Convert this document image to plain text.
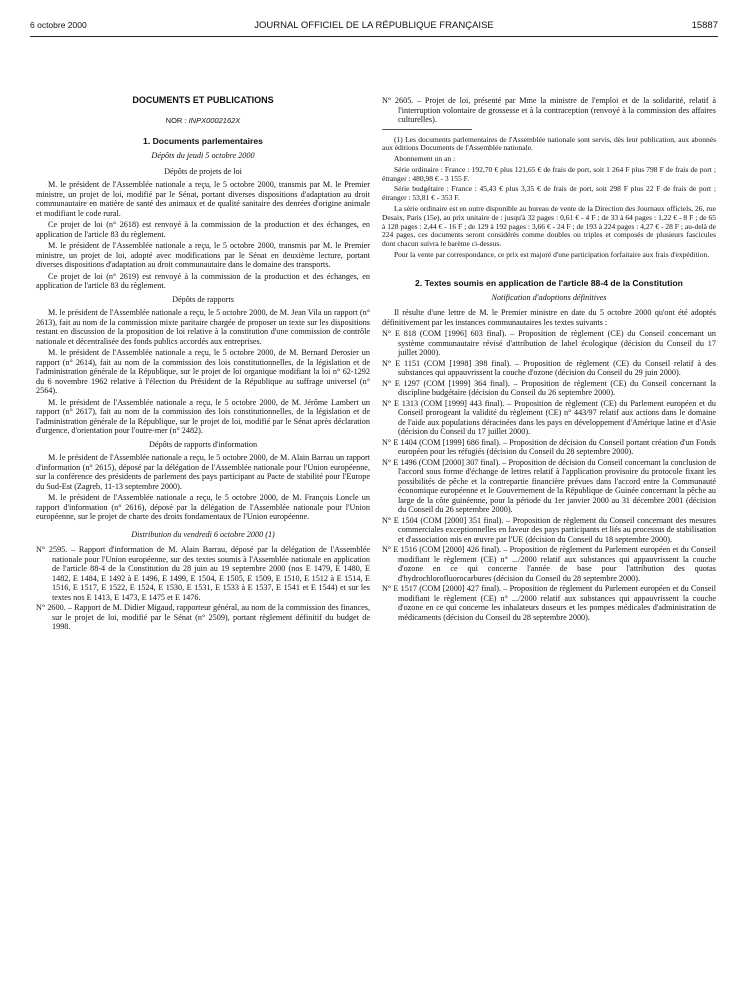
6 octobre 2000	JOURNAL OFFICIEL DE LA RÉPUBLIQUE FRANÇAISE	15887
DOCUMENTS ET PUBLICATIONS
NOR : INPX0002162X
1. Documents parlementaires
Dépôts du jeudi 5 octobre 2000
Dépôts de projets de loi

M. le président de l'Assemblée nationale a reçu, le 5 octobre 2000, transmis par M. le Premier ministre, un projet de loi, modifié par le Sénat, portant diverses dispositions d'adaptation au droit communautaire en matière de santé des animaux et de qualité sanitaire des denrées d'origine animale et modifiant le code rural.

Ce projet de loi (n° 2618) est renvoyé à la commission de la production et des échanges, en application de l'article 83 du règlement.

M. le président de l'Assemblée nationale a reçu, le 5 octobre 2000, transmis par M. le Premier ministre, un projet de loi, adopté avec modifications par le Sénat en deuxième lecture, portant diverses dispositions d'adaptation au droit communautaire dans le domaine des transports.

Ce projet de loi (n° 2619) est renvoyé à la commission de la production et des échanges, en application de l'article 83 du règlement.

Dépôts de rapports

M. le président de l'Assemblée nationale a reçu, le 5 octobre 2000, de M. Jean Vila un rapport (n° 2613), fait au nom de la commission mixte paritaire chargée de proposer un texte sur les dispositions restant en discussion de la proposition de loi relative à la constitution d'une commission de contrôle nationale et décentralisée des fonds publics accordés aux entreprises.

M. le président de l'Assemblée nationale a reçu, le 5 octobre 2000, de M. Bernard Derosier un rapport (n° 2614), fait au nom de la commission des lois constitutionnelles, de la législation et de l'administration générale de la République, sur le projet de loi organique modifiant la loi n° 62-1292 du 6 novembre 1962 relative à l'élection du Président de la République au suffrage universel (n° 2564).

M. le président de l'Assemblée nationale a reçu, le 5 octobre 2000, de M. Jérôme Lambert un rapport (n° 2617), fait au nom de la commission des lois constitutionnelles, de la législation et de l'administration générale de la République, sur le projet de loi, modifié par le Sénat après déclaration d'urgence, d'orientation pour l'outre-mer (n° 2482).

Dépôts de rapports d'information

M. le président de l'Assemblée nationale a reçu, le 5 octobre 2000, de M. Alain Barrau un rapport d'information (n° 2615), déposé par la délégation de l'Assemblée nationale pour l'Union européenne, sur la conférence des présidents de parlement des pays participant au Pacte de stabilité pour l'Europe du Sud-Est (Zagreb, 11-13 septembre 2000).

M. le président de l'Assemblée nationale a reçu, le 5 octobre 2000, de M. François Loncle un rapport d'information (n° 2616), déposé par la délégation de l'Assemblée nationale pour l'Union européenne, sur le projet de charte des droits fondamentaux de l'Union européenne.

Distribution du vendredi 6 octobre 2000 (1)

N° 2595. – Rapport d'information de M. Alain Barrau, déposé par la délégation de l'Assemblée nationale pour l'Union européenne, sur des textes soumis à l'Assemblée nationale en application de l'article 88-4 de la Constitution du 28 juin au 19 septembre 2000 (nos E 1479, E 1480, E 1482, E 1484, E 1492 à E 1496, E 1499, E 1504, E 1505, E 1509, E 1510, E 1512 à E 1514, E 1516, E 1517, E 1522, E 1524, E 1530, E 1531, E 1533 à E 1537, E 1541 et E 1544) et sur les textes nos E 1413, E 1473, E 1475 et E 1476.

N° 2600. – Rapport de M. Didier Migaud, rapporteur général, au nom de la commission des finances, sur le projet de loi, modifié par le Sénat (n° 2509), portant règlement définitif du budget de 1998.

N° 2605. – Projet de loi, présenté par Mme la ministre de l'emploi et de la solidarité, relatif à l'interruption volontaire de grossesse et à la contraception (renvoyé à la commission des affaires culturelles).

(1) Les documents parlementaires de l'Assemblée nationale sont servis, dès leur publication, aux abonnés aux éditions Documents de l'Assemblée nationale.

Abonnement un an :

Série ordinaire : France : 192,70 € plus 121,65 € de frais de port, soit 1 264 F plus 798 F de frais de port ; étranger : 480,98 € - 3 155 F.

Série budgétaire : France : 45,43 € plus 3,35 € de frais de port, soit 298 F plus 22 F de frais de port ; étranger : 53,81 € - 353 F.

La série ordinaire est en outre disponible au bureau de vente de la Direction des Journaux officiels, 26, rue Desaix, Paris (15e), au prix unitaire de : jusqu'à 32 pages : 0,61 € - 4 F ; de 33 à 64 pages : 1,22 € - 8 F ; de 65 à 128 pages : 2,44 € - 16 F ; de 129 à 192 pages : 3,66 € - 24 F ; de 193 à 224 pages : 4,27 € - 28 F ; au-delà de 224 pages, ces documents seront considérés comme doubles ou triples et composés de plusieurs fascicules dont chacun suivra le barème ci-dessus.

Pour la vente par correspondance, ce prix est majoré d'une participation forfaitaire aux frais d'expédition.

2. Textes soumis en application de l'article 88-4 de la Constitution
Notification d'adoptions définitives

Il résulte d'une lettre de M. le Premier ministre en date du 5 octobre 2000 qu'ont été adoptés définitivement par les instances communautaires les textes suivants :

N° E 818 (COM [1996] 603 final). – Proposition de règlement (CE) du Conseil concernant un système communautaire révisé d'attribution de label écologique (décision du Conseil du 17 juillet 2000).

N° E 1151 (COM [1998] 398 final). – Proposition de règlement (CE) du Conseil relatif à des substances qui appauvrissent la couche d'ozone (décision du Conseil du 29 juin 2000).

N° E 1297 (COM [1999] 364 final). – Proposition de règlement (CE) du Conseil concernant la discipline budgétaire (décision du Conseil du 26 septembre 2000).

N° E 1313 (COM [1999] 443 final). – Proposition de règlement (CE) du Parlement européen et du Conseil prorogeant la validité du règlement (CE) n° 443/97 relatif aux actions dans le domaine de l'aide aux populations déracinées dans les pays en développement d'Amérique latine et d'Asie (décision du Conseil du 17 juillet 2000).

N° E 1404 (COM [1999] 686 final). – Proposition de décision du Conseil portant création d'un Fonds européen pour les réfugiés (décision du Conseil du 28 septembre 2000).

N° E 1496 (COM [2000] 307 final). – Proposition de décision du Conseil concernant la conclusion de l'accord sous forme d'échange de lettres relatif à l'application provisoire du protocole fixant les possibilités de pêche et la contrepartie financière prévues dans l'accord entre la Communauté économique européenne et le Gouvernement de la République de Guinée concernant la pêche au large de la côte guinéenne, pour la période du 1er janvier 2000 au 31 décembre 2001 (décision du Conseil du 26 septembre 2000).

N° E 1504 (COM [2000] 351 final). – Proposition de règlement du Conseil concernant des mesures commerciales exceptionnelles en faveur des pays participants et liés au processus de stabilisation et d'association mis en œuvre par l'UE (décision du Conseil du 18 septembre 2000).

N° E 1516 (COM [2000] 426 final). – Proposition de règlement du Parlement européen et du Conseil modifiant le règlement (CE) n° .../2000 relatif aux substances qui appauvrissent la couche d'ozone en ce qui concerne l'année de base pour l'attribution des quotas d'hydrochlorofluorocarbures (décision du Conseil du 28 septembre 2000).

N° E 1517 (COM [2000] 427 final). – Proposition de règlement du Parlement européen et du Conseil modifiant le règlement (CE) n° .../2000 relatif aux substances qui appauvrissent la couche d'ozone en ce qui concerne les inhalateurs doseurs et les pompes médicales d'administration de médicaments (décision du Conseil du 28 septembre 2000).
